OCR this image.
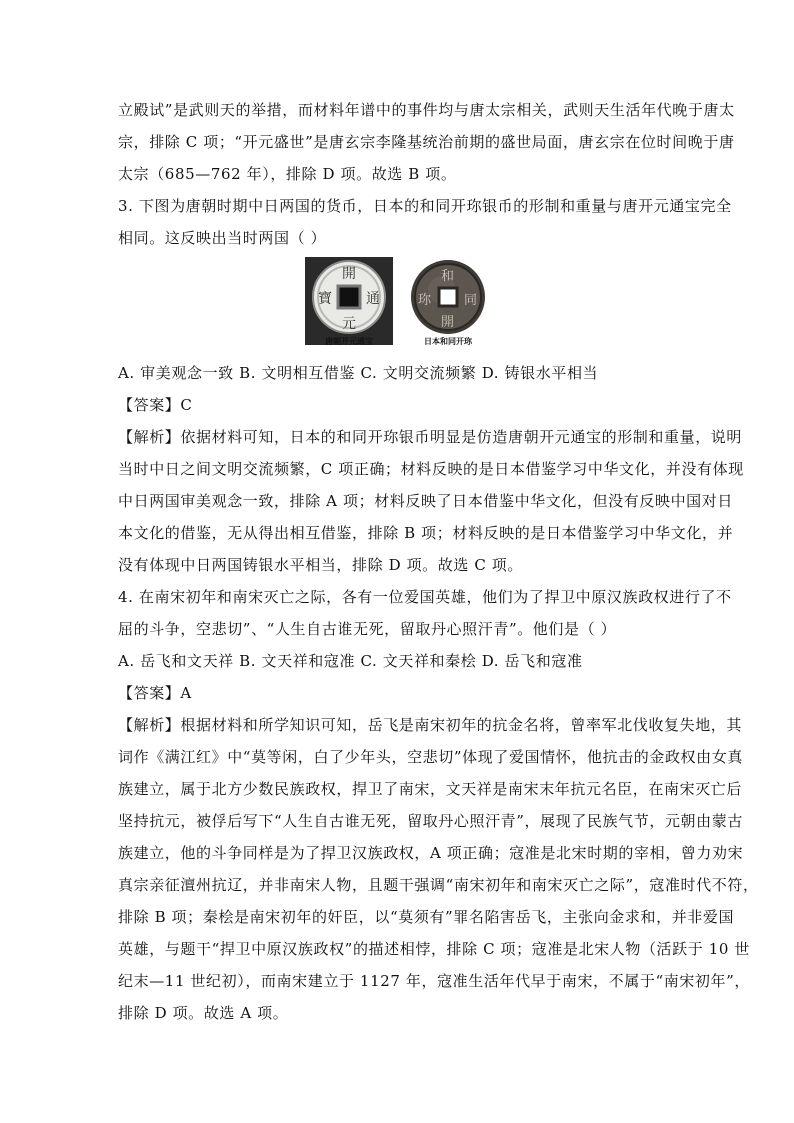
立殿试”是武则天的举措，而材料年谱中的事件均与唐太宗相关，武则天生活年代晚于唐太
宗，排除 C 项；“开元盛世”是唐玄宗李隆基统治前期的盛世局面，唐玄宗在位时间晚于唐
太宗（685—762 年），排除 D 项。故选 B 项。
3. 下图为唐朝时期中日两国的货币，日本的和同开珎银币的形制和重量与唐开元通宝完全
相同。这反映出当时两国（ ）
開
元
通
寶
唐朝开元通宝
和
同
開
珎
日本和同开珎
A. 审美观念一致 B. 文明相互借鉴 C. 文明交流频繁 D. 铸银水平相当
【答案】C
【解析】依据材料可知，日本的和同开珎银币明显是仿造唐朝开元通宝的形制和重量，说明
当时中日之间文明交流频繁，C 项正确；材料反映的是日本借鉴学习中华文化，并没有体现
中日两国审美观念一致，排除 A 项；材料反映了日本借鉴中华文化，但没有反映中国对日
本文化的借鉴，无从得出相互借鉴，排除 B 项；材料反映的是日本借鉴学习中华文化，并
没有体现中日两国铸银水平相当，排除 D 项。故选 C 项。
4. 在南宋初年和南宋灭亡之际，各有一位爱国英雄，他们为了捍卫中原汉族政权进行了不
屈的斗争，空悲切”、“人生自古谁无死，留取丹心照汗青”。他们是（ ）
A. 岳飞和文天祥 B. 文天祥和寇准 C. 文天祥和秦桧 D. 岳飞和寇准
【答案】A
【解析】根据材料和所学知识可知，岳飞是南宋初年的抗金名将，曾率军北伐收复失地，其
词作《满江红》中“莫等闲，白了少年头，空悲切”体现了爱国情怀，他抗击的金政权由女真
族建立，属于北方少数民族政权，捍卫了南宋，文天祥是南宋末年抗元名臣，在南宋灭亡后
坚持抗元，被俘后写下“人生自古谁无死，留取丹心照汗青”，展现了民族气节，元朝由蒙古
族建立，他的斗争同样是为了捍卫汉族政权，A 项正确；寇准是北宋时期的宰相，曾力劝宋
真宗亲征澶州抗辽，并非南宋人物，且题干强调“南宋初年和南宋灭亡之际”，寇准时代不符，
排除 B 项；秦桧是南宋初年的奸臣，以“莫须有”罪名陷害岳飞，主张向金求和，并非爱国
英雄，与题干“捍卫中原汉族政权”的描述相悖，排除 C 项；寇准是北宋人物（活跃于 10 世
纪末—11 世纪初），而南宋建立于 1127 年，寇准生活年代早于南宋，不属于“南宋初年”，
排除 D 项。故选 A 项。
